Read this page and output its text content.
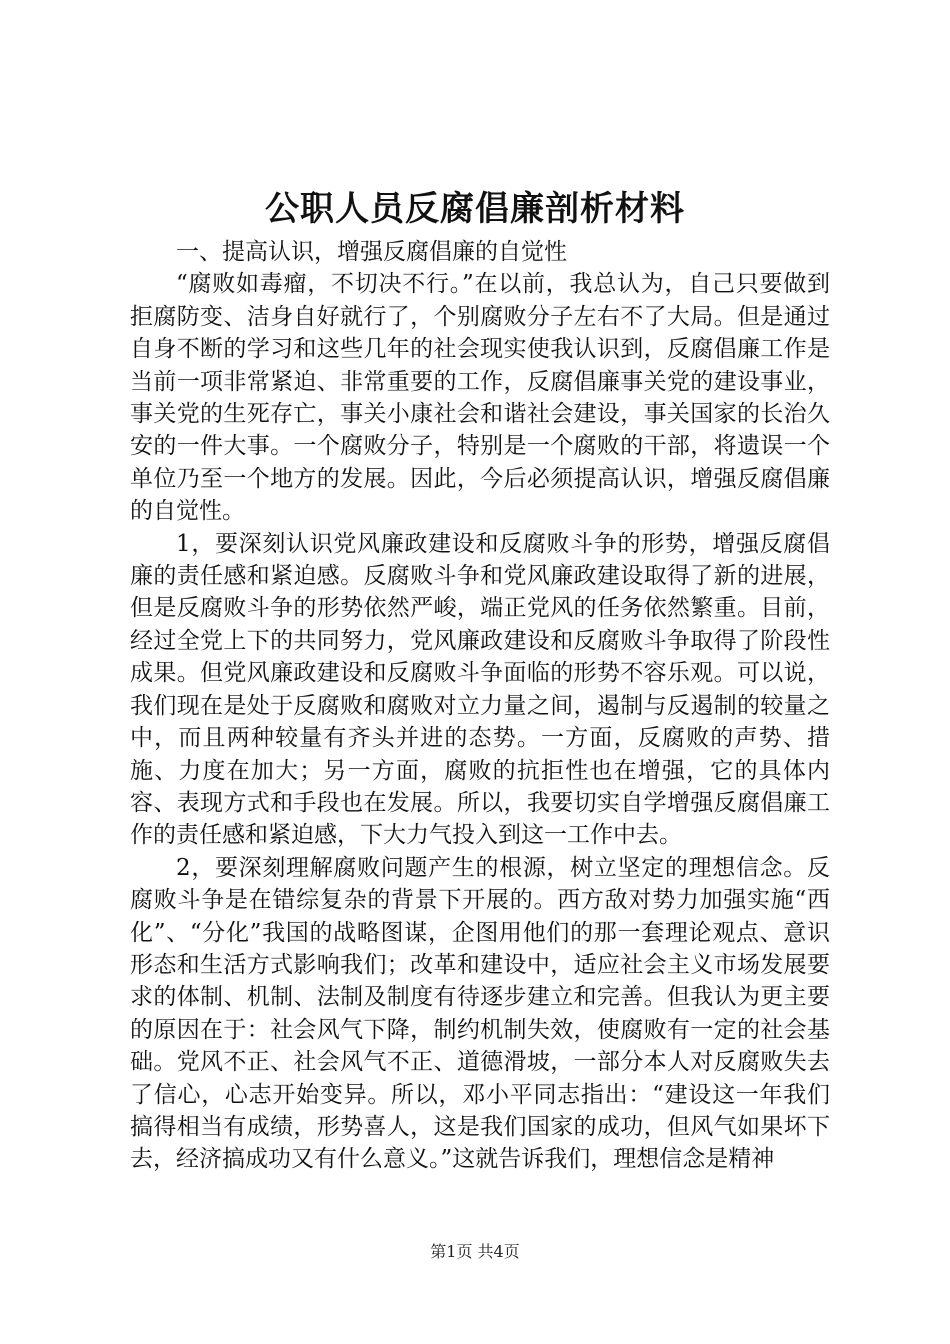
公职人员反腐倡廉剖析材料

一、提高认识，增强反腐倡廉的自觉性

“腐败如毒瘤，不切决不行。”在以前，我总认为，自己只要做到拒腐防变、洁身自好就行了，个别腐败分子左右不了大局。但是通过自身不断的学习和这些几年的社会现实使我认识到，反腐倡廉工作是当前一项非常紧迫、非常重要的工作，反腐倡廉事关党的建设事业，事关党的生死存亡，事关小康社会和谐社会建设，事关国家的长治久安的一件大事。一个腐败分子，特别是一个腐败的干部，将遗误一个单位乃至一个地方的发展。因此，今后必须提高认识，增强反腐倡廉的自觉性。

1，要深刻认识党风廉政建设和反腐败斗争的形势，增强反腐倡廉的责任感和紧迫感。反腐败斗争和党风廉政建设取得了新的进展，但是反腐败斗争的形势依然严峻，端正党风的任务依然繁重。目前，经过全党上下的共同努力，党风廉政建设和反腐败斗争取得了阶段性成果。但党风廉政建设和反腐败斗争面临的形势不容乐观。可以说，我们现在是处于反腐败和腐败对立力量之间，遏制与反遏制的较量之中，而且两种较量有齐头并进的态势。一方面，反腐败的声势、措施、力度在加大；另一方面，腐败的抗拒性也在增强，它的具体内容、表现方式和手段也在发展。所以，我要切实自学增强反腐倡廉工作的责任感和紧迫感，下大力气投入到这一工作中去。

2，要深刻理解腐败问题产生的根源，树立坚定的理想信念。反腐败斗争是在错综复杂的背景下开展的。西方敌对势力加强实施“西化”、“分化”我国的战略图谋，企图用他们的那一套理论观点、意识形态和生活方式影响我们；改革和建设中，适应社会主义市场发展要求的体制、机制、法制及制度有待逐步建立和完善。但我认为更主要的原因在于：社会风气下降，制约机制失效，使腐败有一定的社会基础。党风不正、社会风气不正、道德滑坡，一部分本人对反腐败失去了信心，心志开始变异。所以，邓小平同志指出：“建设这一年我们搞得相当有成绩，形势喜人，这是我们国家的成功，但风气如果坏下去，经济搞成功又有什么意义。”这就告诉我们，理想信念是精神

第1页 共4页
